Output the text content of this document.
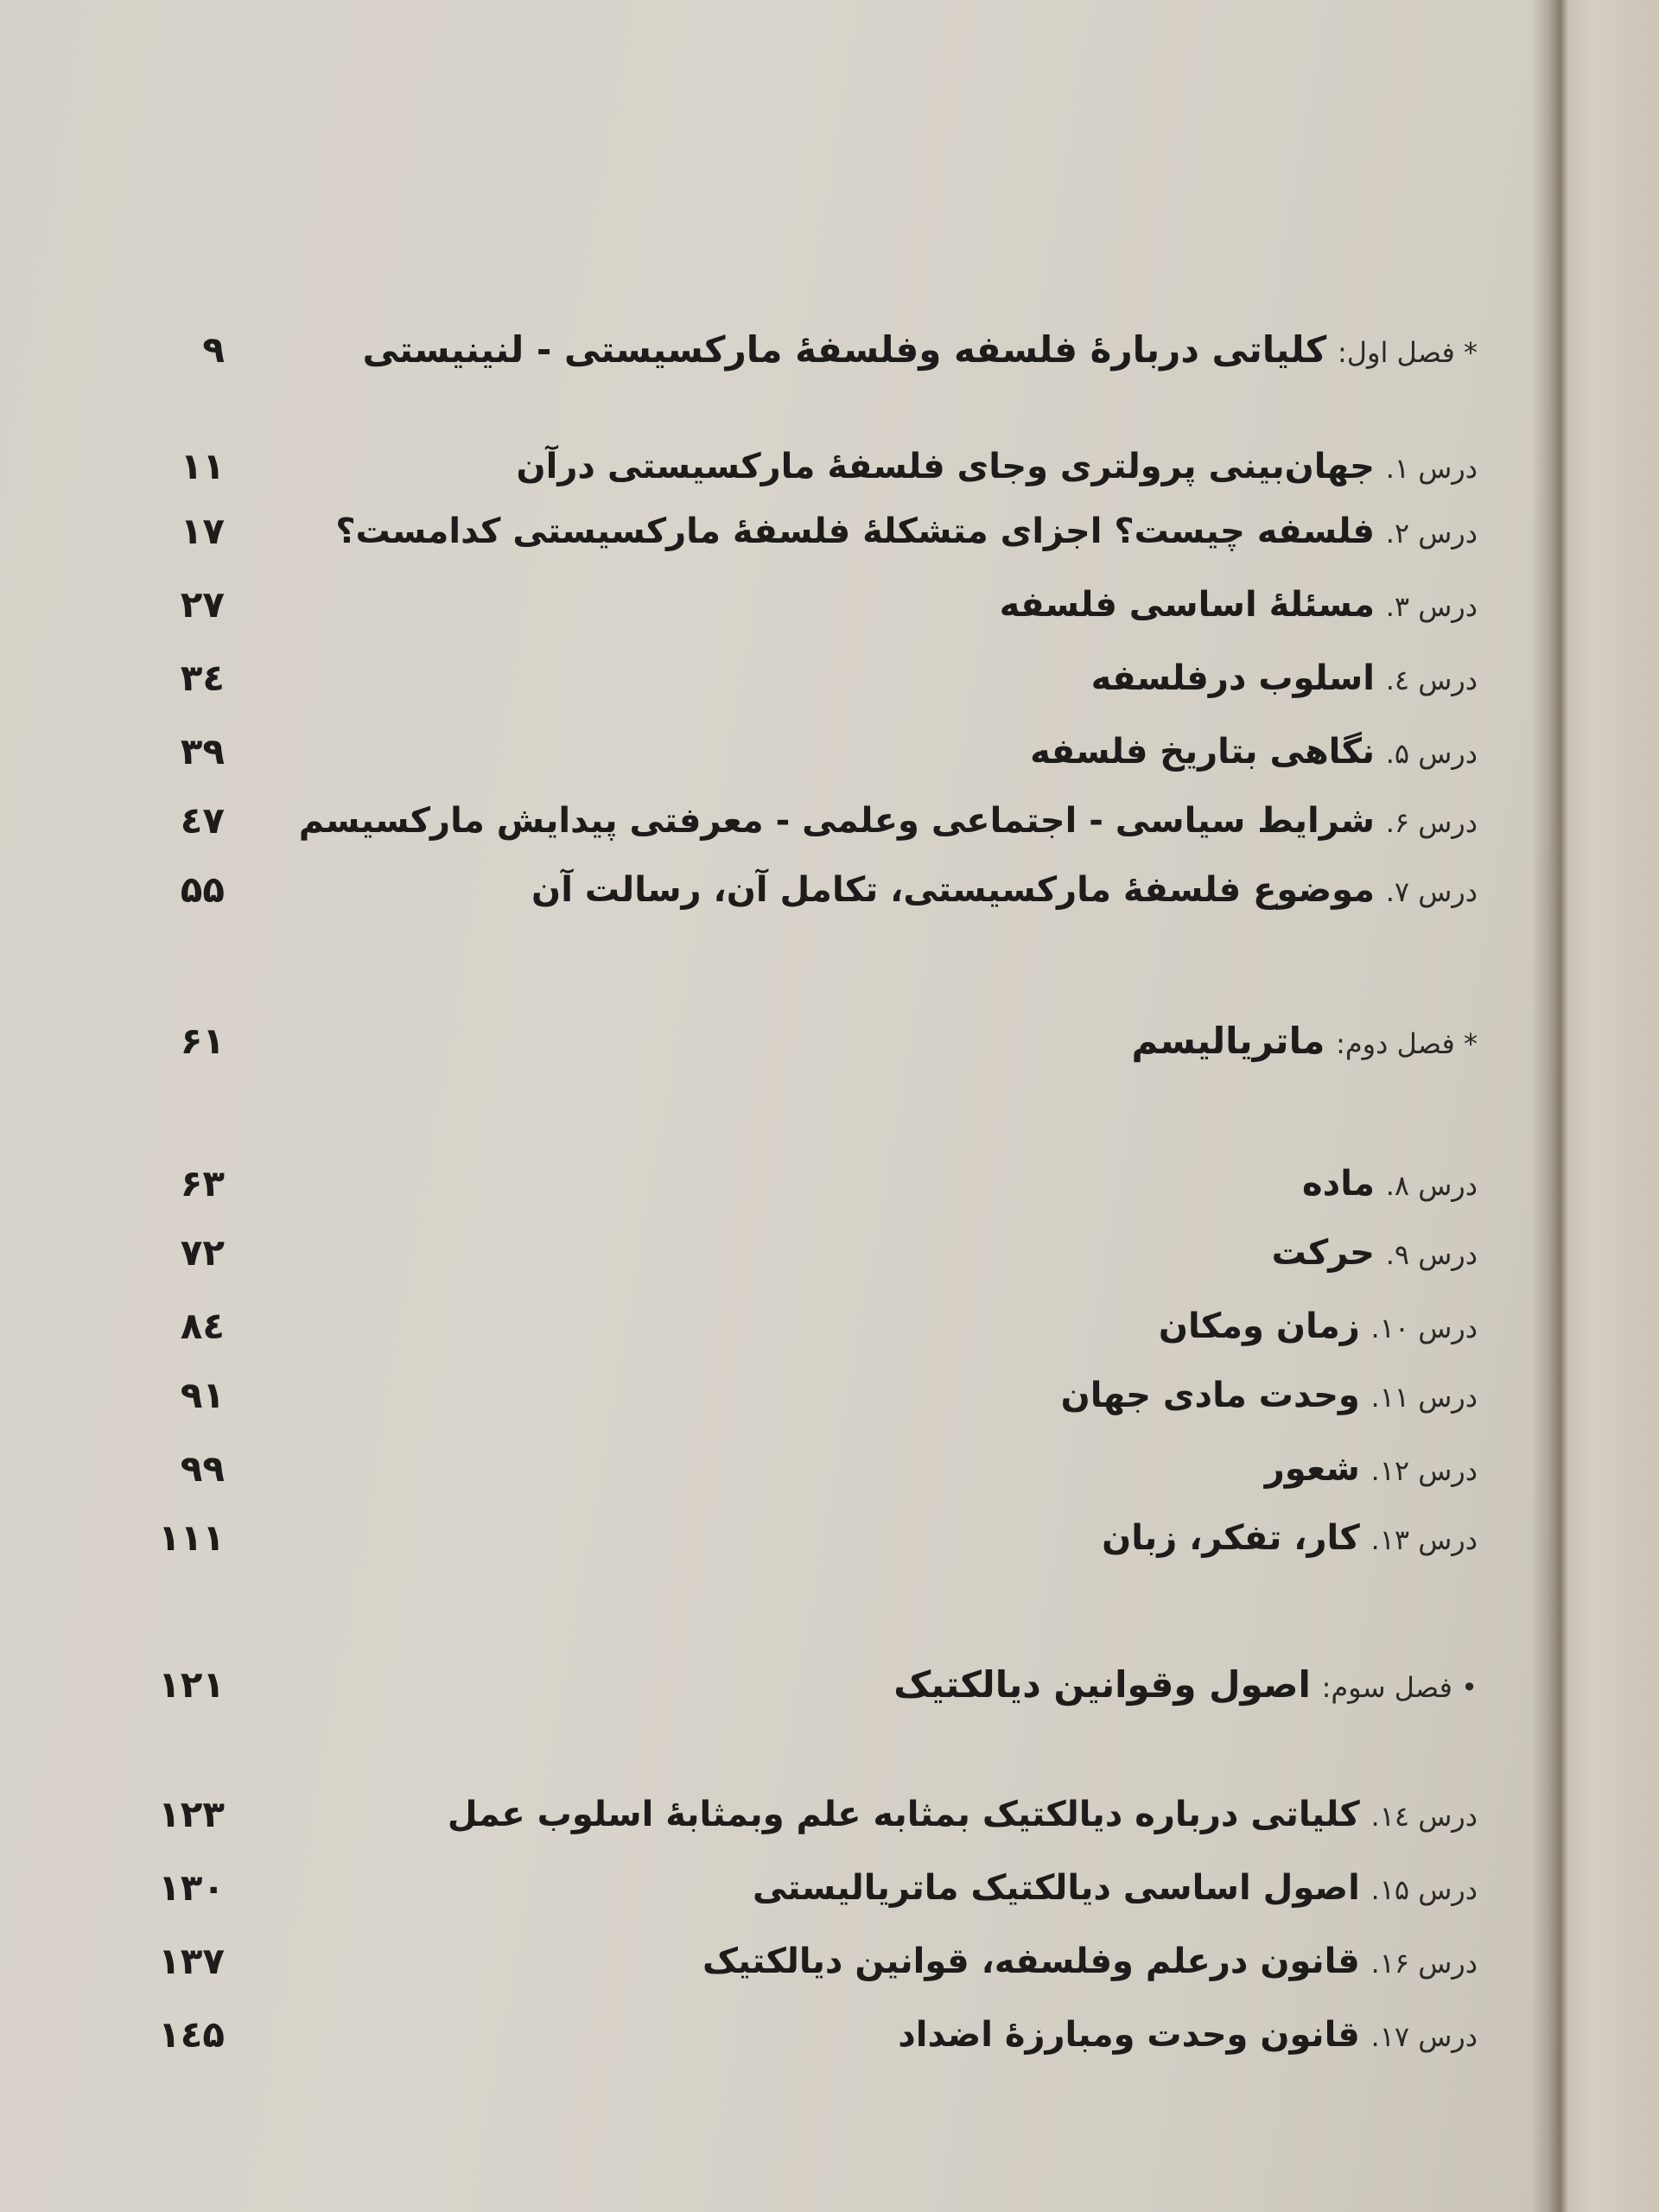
* فصل اول: کلیاتی دربارهٔ فلسفه وفلسفهٔ مارکسیستی - لنینیستی
۹
درس ۱. جهان‌بینی پرولتری وجای فلسفهٔ مارکسیستی درآن
۱۱
درس ۲. فلسفه چیست؟ اجزای متشکلهٔ فلسفهٔ مارکسیستی کدامست؟
۱۷
درس ۳. مسئلهٔ اساسی فلسفه
۲۷
درس ٤. اسلوب درفلسفه
۳٤
درس ۵. نگاهی بتاریخ فلسفه
۳۹
درس ۶. شرایط سیاسی - اجتماعی وعلمی - معرفتی پیدایش مارکسیسم
٤۷
درس ۷. موضوع فلسفهٔ مارکسیستی، تکامل آن، رسالت آن
۵۵
* فصل دوم: ماتریالیسم
۶۱
درس ۸. ماده
۶۳
درس ۹. حرکت
۷۲
درس ۱۰. زمان ومکان
۸٤
درس ۱۱. وحدت مادی جهان
۹۱
درس ۱۲. شعور
۹۹
درس ۱۳. کار، تفکر، زبان
۱۱۱
• فصل سوم: اصول وقوانین دیالکتیک
۱۲۱
درس ۱٤. کلیاتی درباره دیالکتیک بمثابه علم وبمثابهٔ اسلوب عمل
۱۲۳
درس ۱۵. اصول اساسی دیالکتیک ماتریالیستی
۱۳۰
درس ۱۶. قانون درعلم وفلسفه، قوانین دیالکتیک
۱۳۷
درس ۱۷. قانون وحدت ومبارزهٔ اضداد
۱٤۵
